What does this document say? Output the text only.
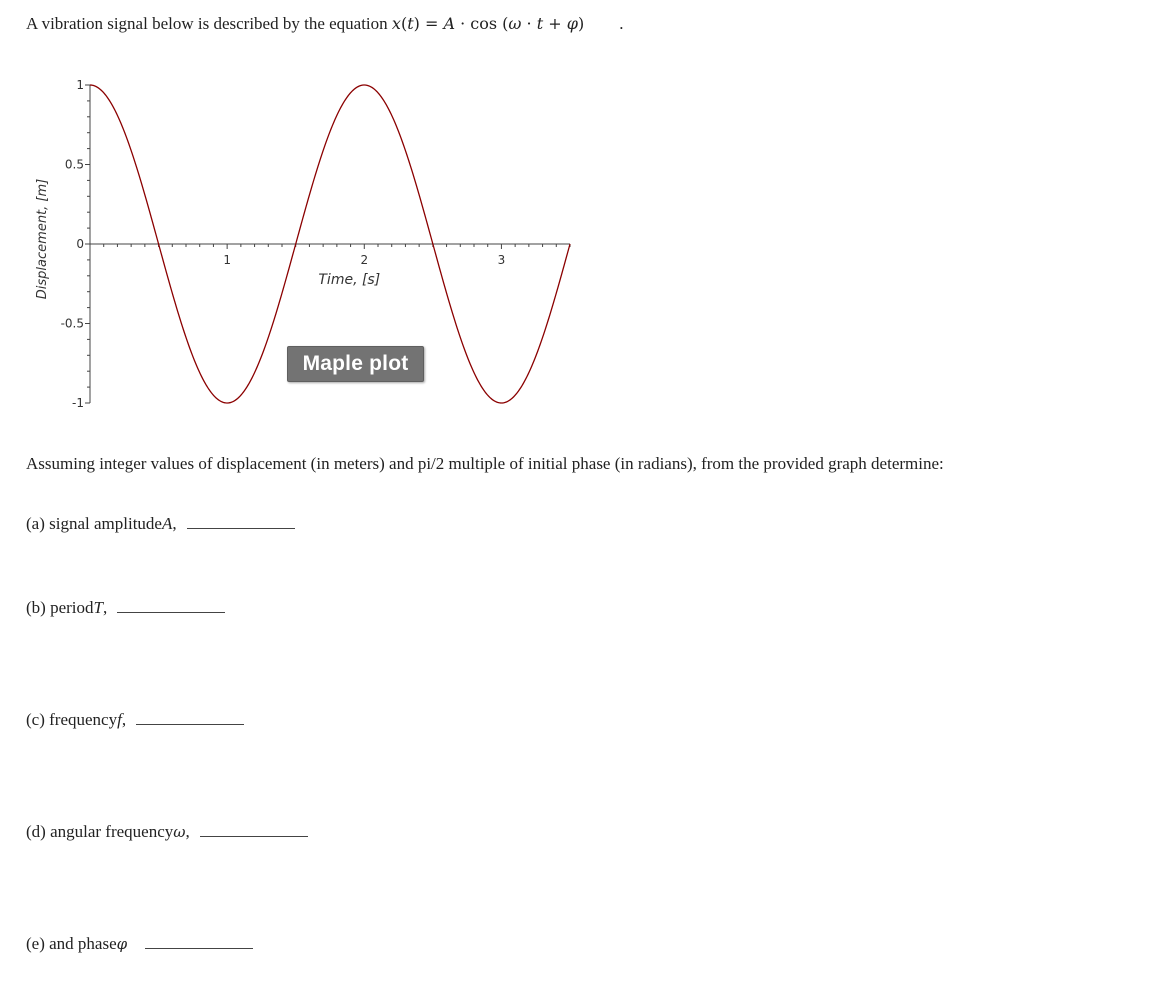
A vibration signal below is described by the equation x(t) = A · cos (ω · t + φ) .
1
0.5
0
-0.5
-1
1	2	3
Time, [s]
Displacement, [m]
Maple plot
Assuming integer values of displacement (in meters) and pi/2 multiple of initial phase (in radians), from the provided graph determine:
(a) signal amplitude A ,
(b) period T ,
(c) frequency f ,
(d) angular frequency ω ,
(e) and phase φ
